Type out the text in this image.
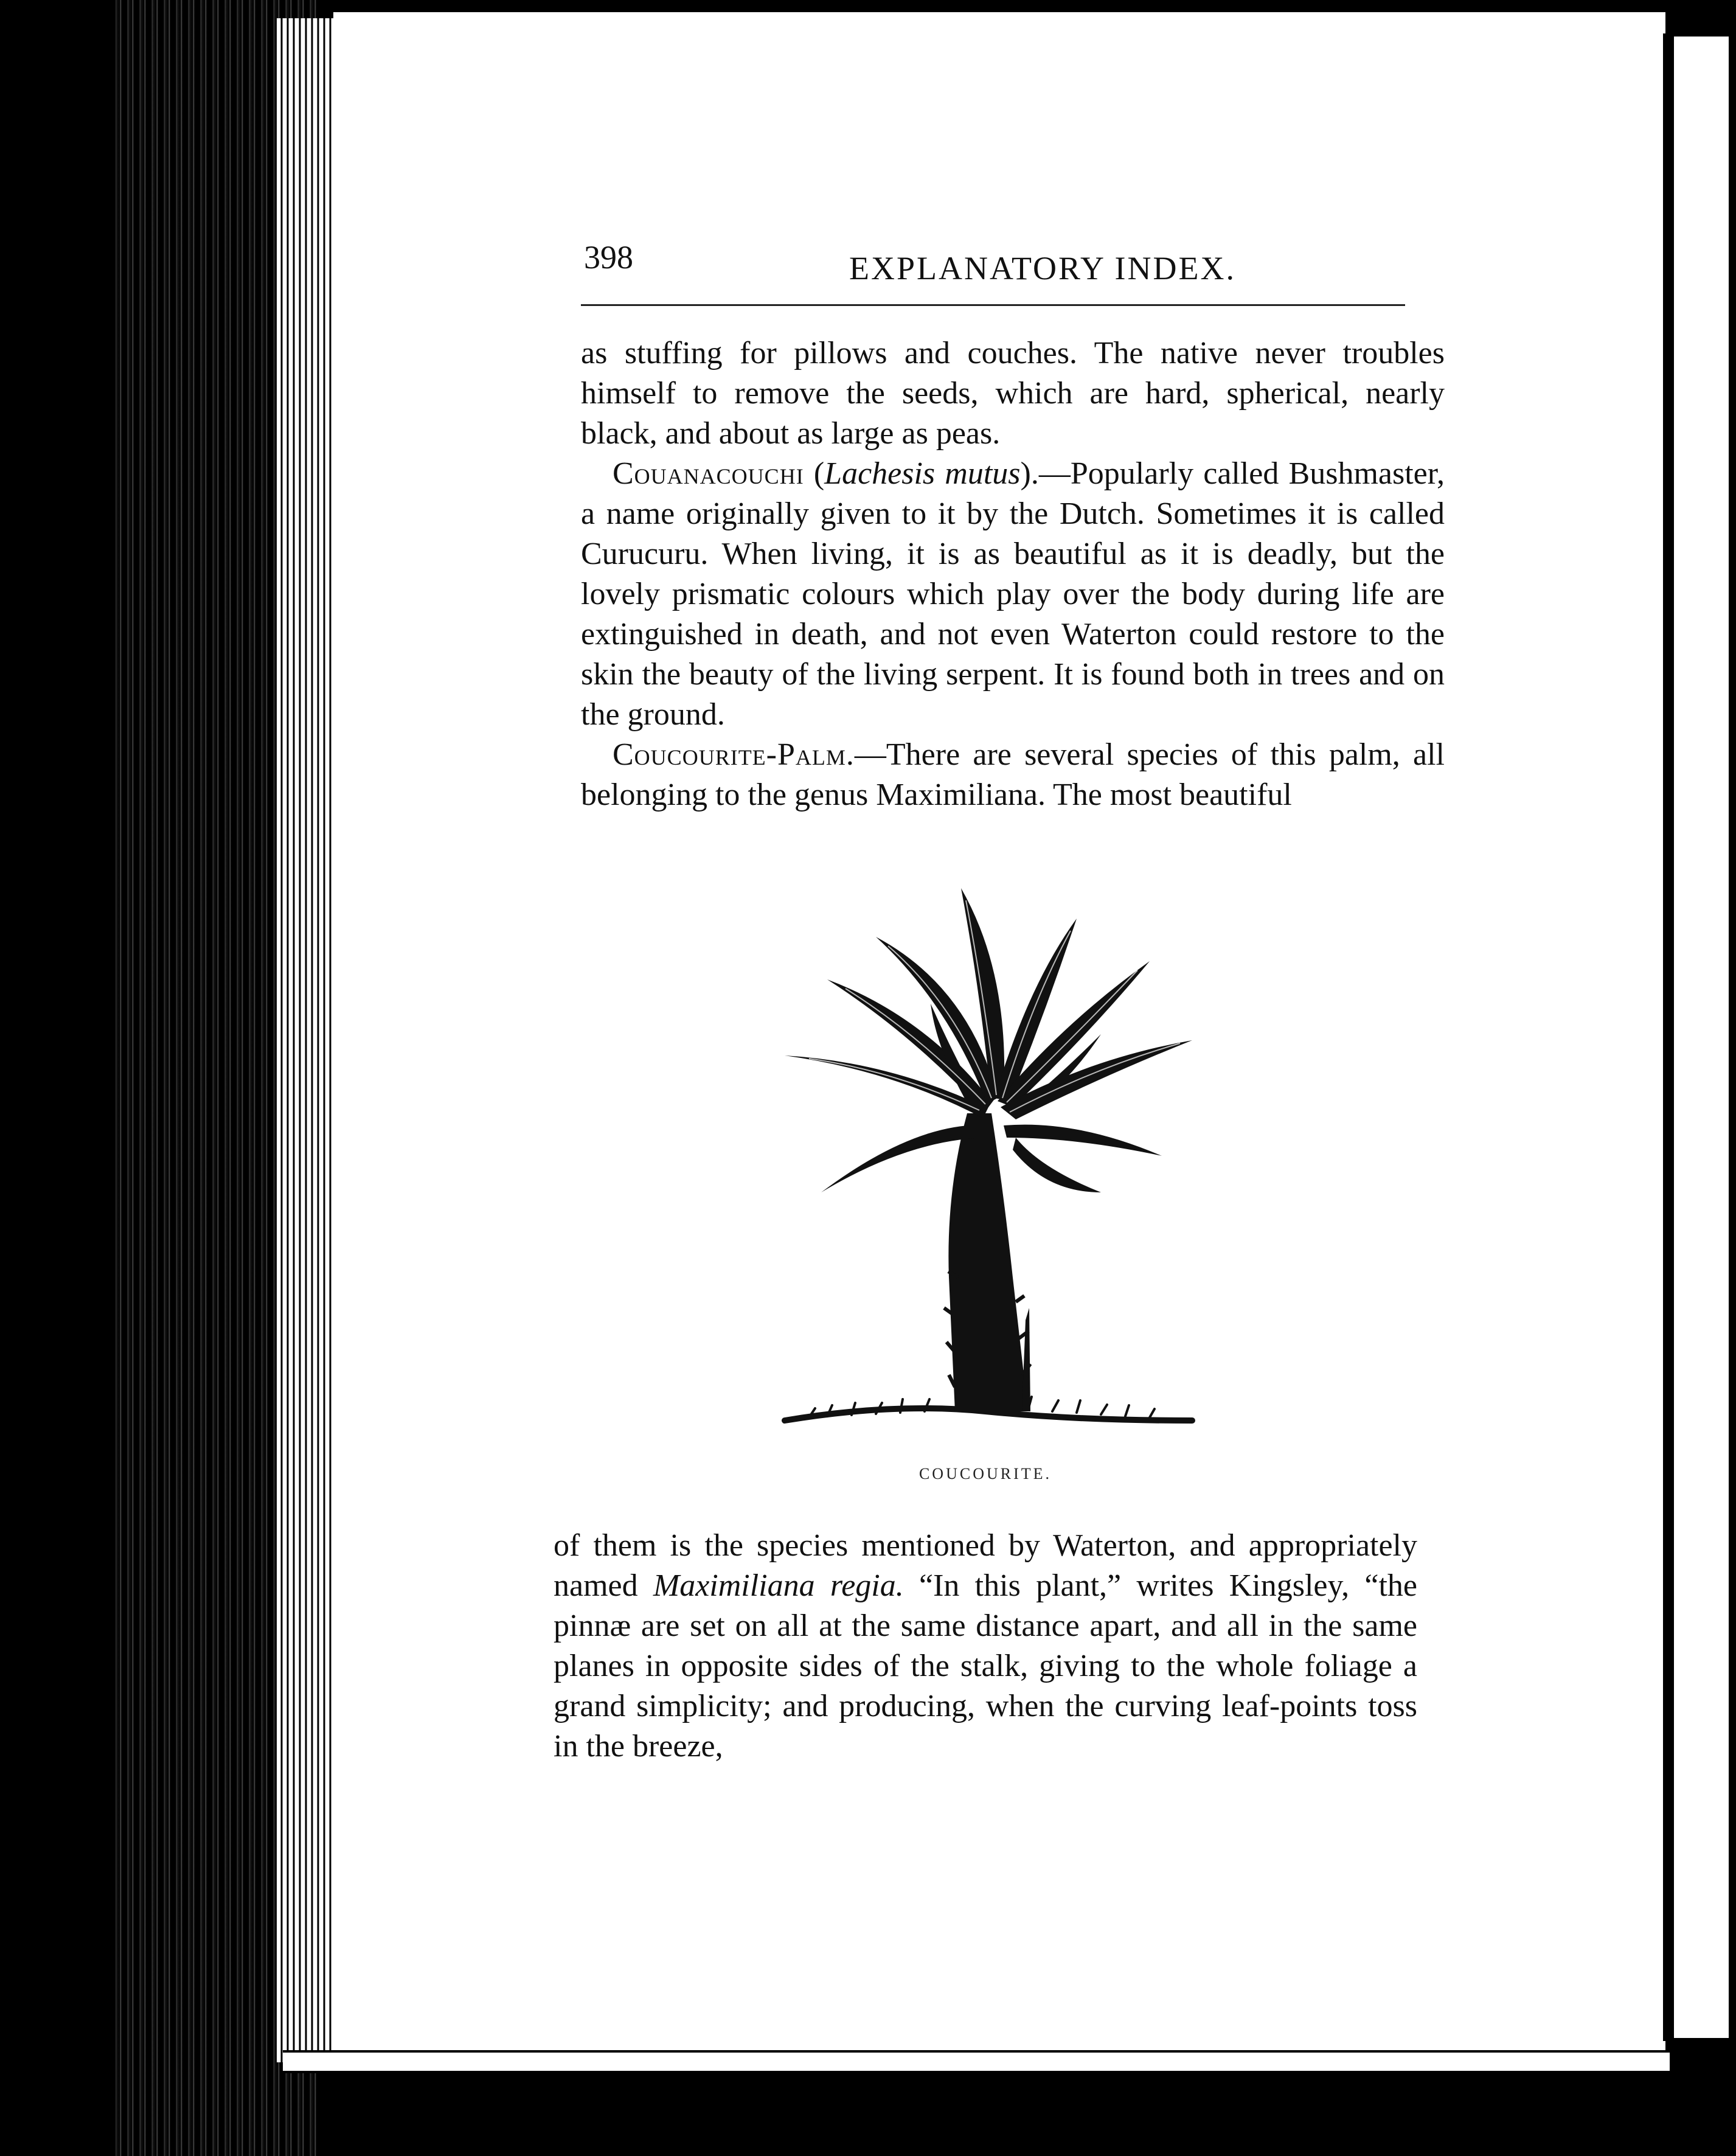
398	EXPLANATORY INDEX.

as stuffing for pillows and couches. The native never troubles himself to remove the seeds, which are hard, spherical, nearly black, and about as large as peas.

Couanacouchi (Lachesis mutus).—Popularly called Bushmaster, a name originally given to it by the Dutch. Sometimes it is called Curucuru. When living, it is as beautiful as it is deadly, but the lovely prismatic colours which play over the body during life are extinguished in death, and not even Waterton could restore to the skin the beauty of the living serpent. It is found both in trees and on the ground.

Coucourite-Palm.—There are several species of this palm, all belonging to the genus Maximiliana. The most beautiful

COUCOURITE.

of them is the species mentioned by Waterton, and appropriately named Maximiliana regia. “In this plant,” writes Kingsley, “the pinnæ are set on all at the same distance apart, and all in the same planes in opposite sides of the stalk, giving to the whole foliage a grand simplicity; and producing, when the curving leaf-points toss in the breeze,
